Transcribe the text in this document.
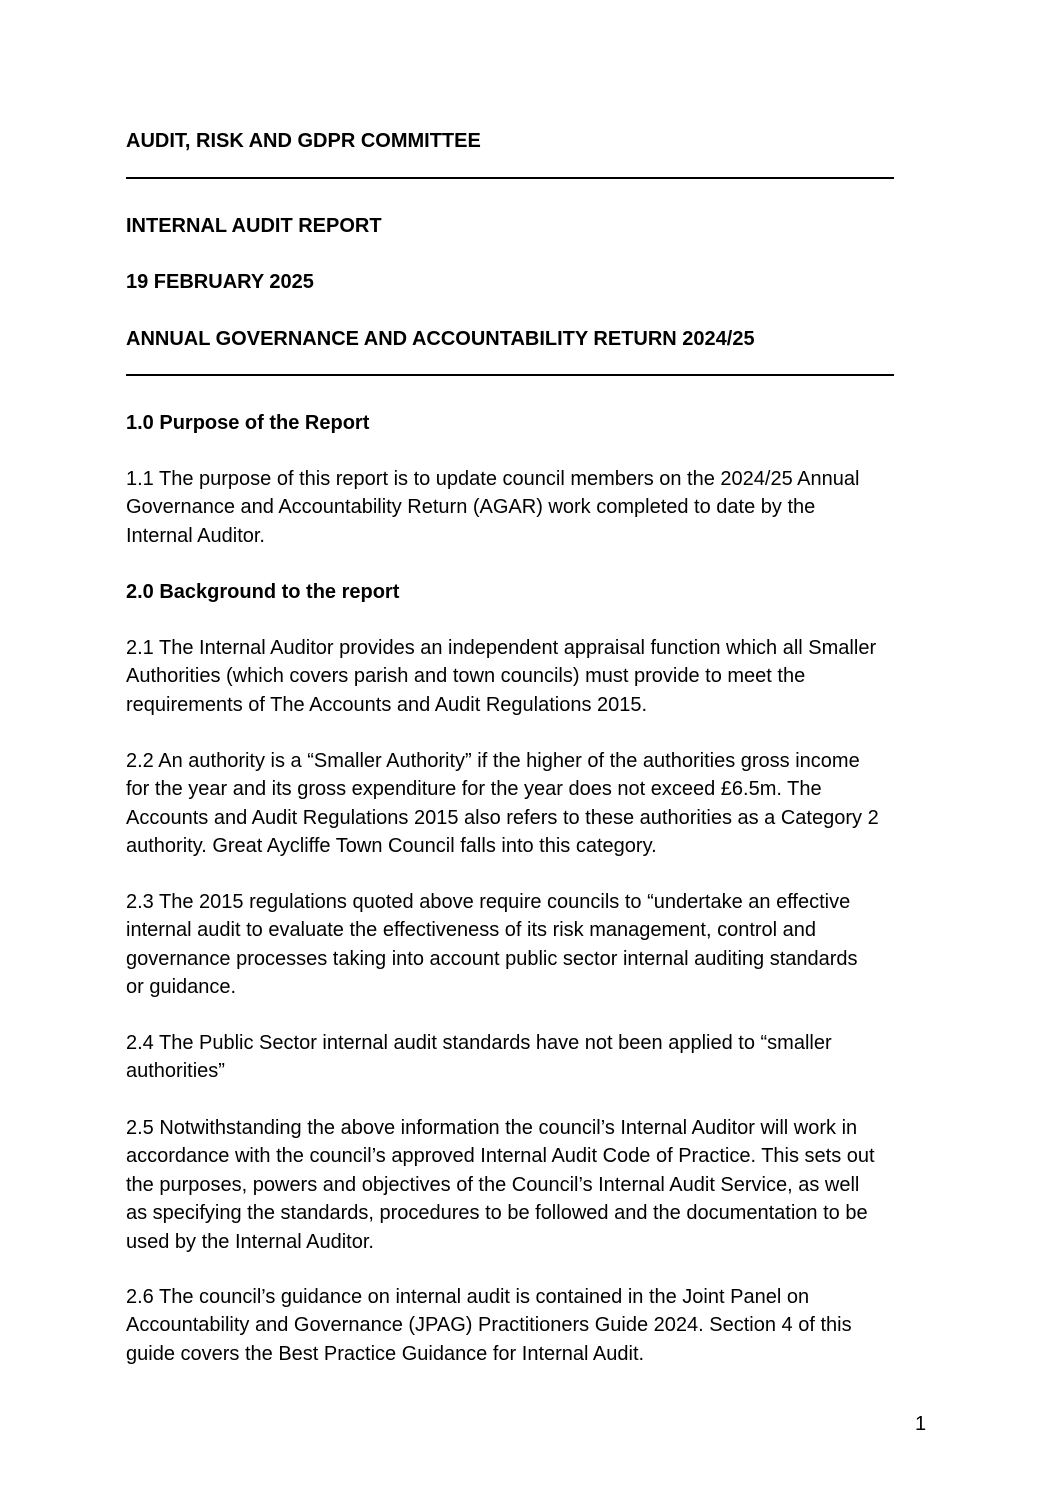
AUDIT, RISK AND GDPR COMMITTEE

INTERNAL AUDIT REPORT

19 FEBRUARY 2025

ANNUAL GOVERNANCE AND ACCOUNTABILITY RETURN 2024/25

1.0 Purpose of the Report

1.1 The purpose of this report is to update council members on the 2024/25 Annual
Governance and Accountability Return (AGAR) work completed to date by the
Internal Auditor.

2.0 Background to the report

2.1 The Internal Auditor provides an independent appraisal function which all Smaller
Authorities (which covers parish and town councils) must provide to meet the
requirements of The Accounts and Audit Regulations 2015.
2.2 An authority is a “Smaller Authority” if the higher of the authorities gross income
for the year and its gross expenditure for the year does not exceed £6.5m. The
Accounts and Audit Regulations 2015 also refers to these authorities as a Category 2
authority. Great Aycliffe Town Council falls into this category.
2.3 The 2015 regulations quoted above require councils to “undertake an effective
internal audit to evaluate the effectiveness of its risk management, control and
governance processes taking into account public sector internal auditing standards
or guidance.
2.4 The Public Sector internal audit standards have not been applied to “smaller
authorities”
2.5 Notwithstanding the above information the council’s Internal Auditor will work in
accordance with the council’s approved Internal Audit Code of Practice. This sets out
the purposes, powers and objectives of the Council’s Internal Audit Service, as well
as specifying the standards, procedures to be followed and the documentation to be
used by the Internal Auditor.
2.6 The council’s guidance on internal audit is contained in the Joint Panel on
Accountability and Governance (JPAG) Practitioners Guide 2024. Section 4 of this
guide covers the Best Practice Guidance for Internal Audit.

1
